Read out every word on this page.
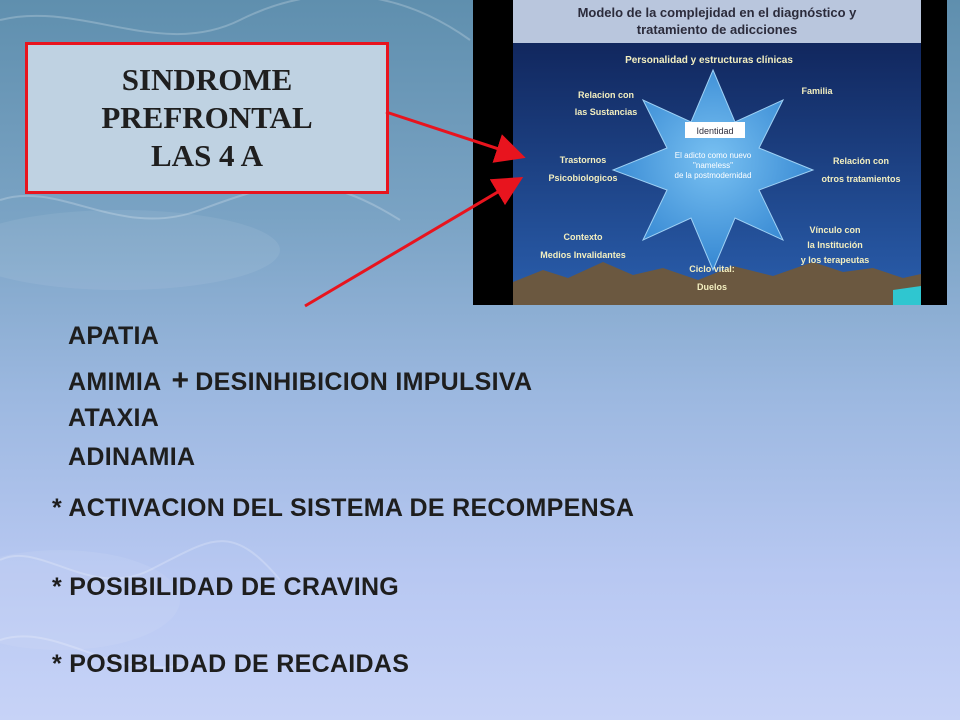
SINDROME
PREFRONTAL
LAS 4 A
Modelo de la complejidad en el diagnóstico y
tratamiento de adicciones
Personalidad y estructuras clínicas
Identidad
El adicto como nuevo
"nameless"
de la postmodernidad
Relacion con
las Sustancias
Familia
Trastornos
Psicobiologicos
Relación con
otros tratamientos
Contexto
Medios Invalidantes
Vínculo con
la Institución
y los terapeutas
Ciclo vital:
Duelos
APATIA
AMIMIA + DESINHIBICION IMPULSIVA
ATAXIA
ADINAMIA
* ACTIVACION DEL SISTEMA DE RECOMPENSA
* POSIBILIDAD DE CRAVING
* POSIBLIDAD DE RECAIDAS
